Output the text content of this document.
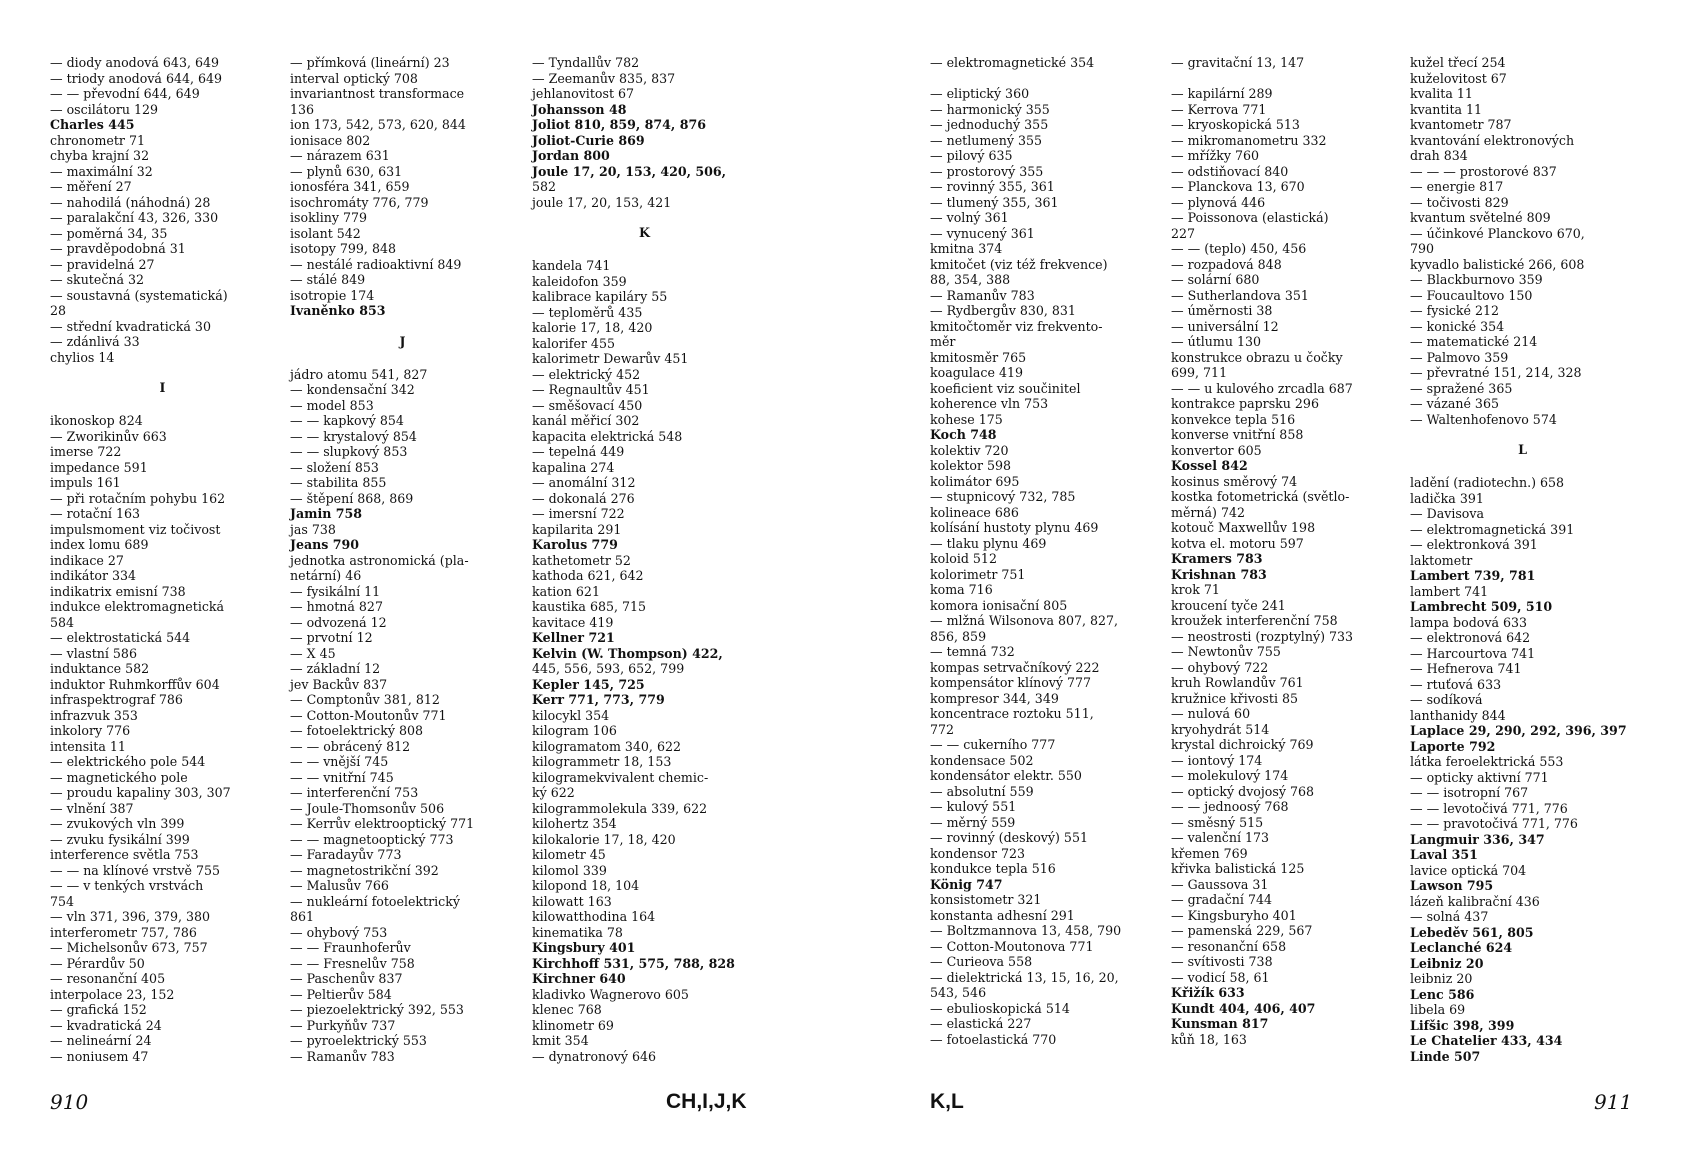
— diody anodová 643, 649
— triody anodová 644, 649
— — převodní 644, 649
— oscilátoru 129
Charles 445
chronometr 71
chyba krajní 32
— maximální 32
— měření 27
— nahodilá (náhodná) 28
— paralakční 43, 326, 330
— poměrná 34, 35
— pravděpodobná 31
— pravidelná 27
— skutečná 32
— soustavná (systematická)
28
— střední kvadratická 30
— zdánlivá 33
chylios 14
I
ikonoskop 824
— Zworikinův 663
imerse 722
impedance 591
impuls 161
— při rotačním pohybu 162
— rotační 163
impulsmoment viz točivost
index lomu 689
indikace 27
indikátor 334
indikatrix emisní 738
indukce elektromagnetická
584
— elektrostatická 544
— vlastní 586
induktance 582
induktor Ruhmkorffův 604
infraspektrograf 786
infrazvuk 353
inkolory 776
intensita 11
— elektrického pole 544
— magnetického pole
— proudu kapaliny 303, 307
— vlnění 387
— zvukových vln 399
— zvuku fysikální 399
interference světla 753
— — na klínové vrstvě 755
— — v tenkých vrstvách
754
— vln 371, 396, 379, 380
interferometr 757, 786
— Michelsonův 673, 757
— Pérardův 50
— resonanční 405
interpolace 23, 152
— grafická 152
— kvadratická 24
— nelineární 24
— noniusem 47
— přímková (lineární) 23
interval optický 708
invariantnost transformace
136
ion 173, 542, 573, 620, 844
ionisace 802
— nárazem 631
— plynů 630, 631
ionosféra 341, 659
isochromáty 776, 779
isokliny 779
isolant 542
isotopy 799, 848
— nestálé radioaktivní 849
— stálé 849
isotropie 174
Ivaněnko 853
J
jádro atomu 541, 827
— kondensační 342
— model 853
— — kapkový 854
— — krystalový 854
— — slupkový 853
— složení 853
— stabilita 855
— štěpení 868, 869
Jamin 758
jas 738
Jeans 790
jednotka astronomická (pla-
netární) 46
— fysikální 11
— hmotná 827
— odvozená 12
— prvotní 12
— X 45
— základní 12
jev Backův 837
— Comptonův 381, 812
— Cotton-Moutonův 771
— fotoelektrický 808
— — obrácený 812
— — vnější 745
— — vnitřní 745
— interferenční 753
— Joule-Thomsonův 506
— Kerrův elektrooptický 771
— — magnetooptický 773
— Faradayův 773
— magnetostrikční 392
— Malusův 766
— nukleární fotoelektrický
861
— ohybový 753
— — Fraunhoferův
— — Fresnelův 758
— Paschenův 837
— Peltierův 584
— piezoelektrický 392, 553
— Purkyňův 737
— pyroelektrický 553
— Ramanův 783
— Tyndallův 782
— Zeemanův 835, 837
jehlanovitost 67
Johansson 48
Joliot 810, 859, 874, 876
Joliot-Curie 869
Jordan 800
Joule 17, 20, 153, 420, 506,
582
joule 17, 20, 153, 421
K
kandela 741
kaleidofon 359
kalibrace kapiláry 55
— teploměrů 435
kalorie 17, 18, 420
kalorifer 455
kalorimetr Dewarův 451
— elektrický 452
— Regnaultův 451
— směšovací 450
kanál měřicí 302
kapacita elektrická 548
— tepelná 449
kapalina 274
— anomální 312
— dokonalá 276
— imersní 722
kapilarita 291
Karolus 779
kathetometr 52
kathoda 621, 642
kation 621
kaustika 685, 715
kavitace 419
Kellner 721
Kelvin (W. Thompson) 422,
445, 556, 593, 652, 799
Kepler 145, 725
Kerr 771, 773, 779
kilocykl 354
kilogram 106
kilogramatom 340, 622
kilogrammetr 18, 153
kilogramekvivalent chemic-
ký 622
kilogrammolekula 339, 622
kilohertz 354
kilokalorie 17, 18, 420
kilometr 45
kilomol 339
kilopond 18, 104
kilowatt 163
kilowatthodina 164
kinematika 78
Kingsbury 401
Kirchhoff 531, 575, 788, 828
Kirchner 640
kladivko Wagnerovo 605
klenec 768
klinometr 69
kmit 354
— dynatronový 646
— elektromagnetické 354
— eliptický 360
— harmonický 355
— jednoduchý 355
— netlumený 355
— pilový 635
— prostorový 355
— rovinný 355, 361
— tlumený 355, 361
— volný 361
— vynucený 361
kmitna 374
kmitočet (viz též frekvence)
88, 354, 388
— Ramanův 783
— Rydbergův 830, 831
kmitočtoměr viz frekvento-
měr
kmitosměr 765
koagulace 419
koeficient viz součinitel
koherence vln 753
kohese 175
Koch 748
kolektiv 720
kolektor 598
kolimátor 695
— stupnicový 732, 785
kolineace 686
kolísání hustoty plynu 469
— tlaku plynu 469
koloid 512
kolorimetr 751
koma 716
komora ionisační 805
— mlžná Wilsonova 807, 827,
856, 859
— temná 732
kompas setrvačníkový 222
kompensátor klínový 777
kompresor 344, 349
koncentrace roztoku 511,
772
— — cukerního 777
kondensace 502
kondensátor elektr. 550
— absolutní 559
— kulový 551
— měrný 559
— rovinný (deskový) 551
kondensor 723
kondukce tepla 516
König 747
konsistometr 321
konstanta adhesní 291
— Boltzmannova 13, 458, 790
— Cotton-Moutonova 771
— Curieova 558
— dielektrická 13, 15, 16, 20,
543, 546
— ebulioskopická 514
— elastická 227
— fotoelastická 770
— gravitační 13, 147
— kapilární 289
— Kerrova 771
— kryoskopická 513
— mikromanometru 332
— mřížky 760
— odstiňovací 840
— Planckova 13, 670
— plynová 446
— Poissonova (elastická)
227
— — (teplo) 450, 456
— rozpadová 848
— solární 680
— Sutherlandova 351
— úměrnosti 38
— universální 12
— útlumu 130
konstrukce obrazu u čočky
699, 711
— — u kulového zrcadla 687
kontrakce paprsku 296
konvekce tepla 516
konverse vnitřní 858
konvertor 605
Kossel 842
kosinus směrový 74
kostka fotometrická (světlo-
měrná) 742
kotouč Maxwellův 198
kotva el. motoru 597
Kramers 783
Krishnan 783
krok 71
kroucení tyče 241
kroužek interferenční 758
— neostrosti (rozptylný) 733
— Newtonův 755
— ohybový 722
kruh Rowlandův 761
kružnice křivosti 85
— nulová 60
kryohydrát 514
krystal dichroický 769
— iontový 174
— molekulový 174
— optický dvojosý 768
— — jednoosý 768
— směsný 515
— valenční 173
křemen 769
křivka balistická 125
— Gaussova 31
— gradační 744
— Kingsburyho 401
— pamenská 229, 567
— resonanční 658
— svítivosti 738
— vodicí 58, 61
Křižík 633
Kundt 404, 406, 407
Kunsman 817
kůň 18, 163
kužel třecí 254
kuželovitost 67
kvalita 11
kvantita 11
kvantometr 787
kvantování elektronových
drah 834
— — — prostorové 837
— energie 817
— točivosti 829
kvantum světelné 809
— účinkové Planckovo 670,
790
kyvadlo balistické 266, 608
— Blackburnovo 359
— Foucaultovo 150
— fysické 212
— konické 354
— matematické 214
— Palmovo 359
— převratné 151, 214, 328
— spražené 365
— vázané 365
— Waltenhofenovo 574
L
ladění (radiotechn.) 658
ladička 391
— Davisova
— elektromagnetická 391
— elektronková 391
laktometr
Lambert 739, 781
lambert 741
Lambrecht 509, 510
lampa bodová 633
— elektronová 642
— Harcourtova 741
— Hefnerova 741
— rtuťová 633
— sodíková
lanthanidy 844
Laplace 29, 290, 292, 396, 397
Laporte 792
látka feroelektrická 553
— opticky aktivní 771
— — isotropní 767
— — levotočivá 771, 776
— — pravotočivá 771, 776
Langmuir 336, 347
Laval 351
lavice optická 704
Lawson 795
lázeň kalibrační 436
— solná 437
Lebeděv 561, 805
Leclanché 624
Leibniz 20
leibniz 20
Lenc 586
libela 69
Lifšic 398, 399
Le Chatelier 433, 434
Linde 507
910	CH,I,J,K	K,L	911
